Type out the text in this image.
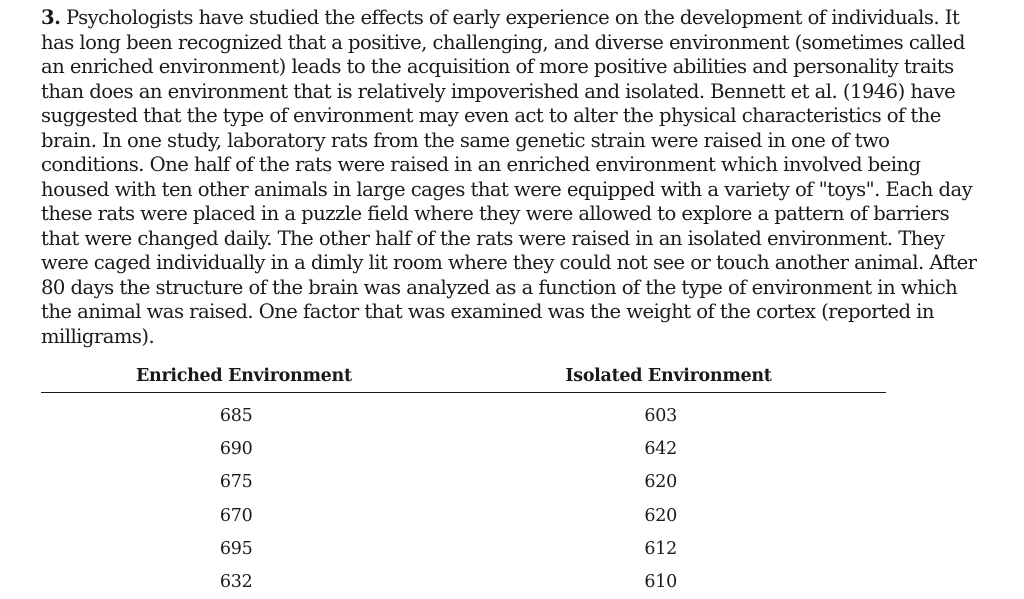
3. Psychologists have studied the effects of early experience on the development of individuals. It has long been recognized that a positive, challenging, and diverse environment (sometimes called an enriched environment) leads to the acquisition of more positive abilities and personality traits than does an environment that is relatively impoverished and isolated. Bennett et al. (1946) have suggested that the type of environment may even act to alter the physical characteristics of the brain. In one study, laboratory rats from the same genetic strain were raised in one of two conditions. One half of the rats were raised in an enriched environment which involved being housed with ten other animals in large cages that were equipped with a variety of "toys". Each day these rats were placed in a puzzle field where they were allowed to explore a pattern of barriers that were changed daily. The other half of the rats were raised in an isolated environment. They were caged individually in a dimly lit room where they could not see or touch another animal. After 80 days the structure of the brain was analyzed as a function of the type of environment in which the animal was raised. One factor that was examined was the weight of the cortex (reported in milligrams).

Enriched Environment	Isolated Environment
685	603
690	642
675	620
670	620
695	612
632	610
